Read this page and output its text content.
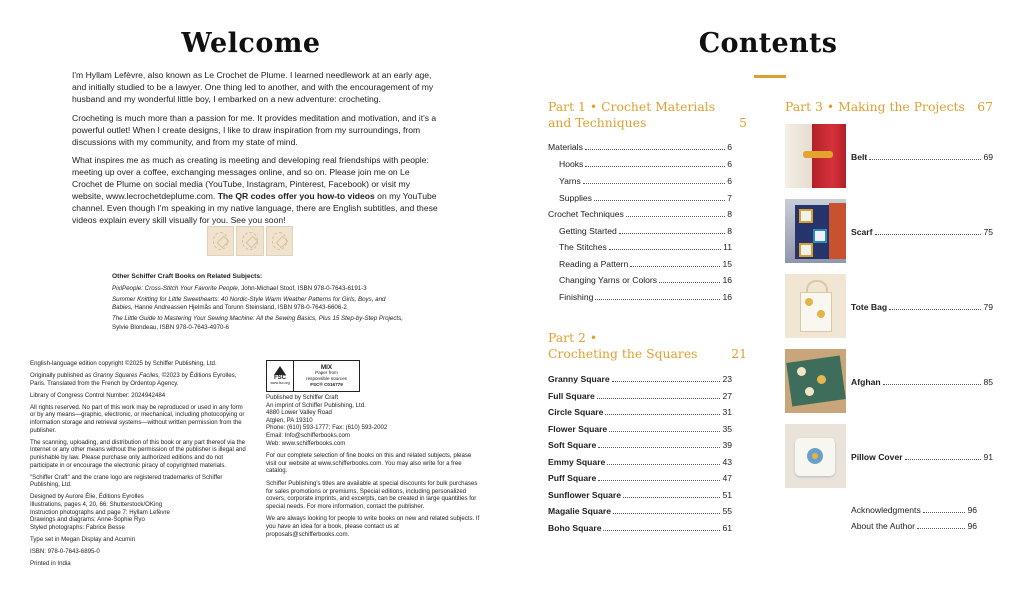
Welcome

I'm Hyllam Lefèvre, also known as Le Crochet de Plume. I learned needlework at an early age, and initially studied to be a lawyer. One thing led to another, and with the encouragement of my husband and my wonderful little boy, I embarked on a new adventure: crocheting.

Crocheting is much more than a passion for me. It provides meditation and motivation, and it's a powerful outlet! When I create designs, I like to draw inspiration from my surroundings, from discussions with my community, and from my state of mind.

What inspires me as much as creating is meeting and developing real friendships with people: meeting up over a coffee, exchanging messages online, and so on. Please join me on Le Crochet de Plume on social media (YouTube, Instagram, Pinterest, Facebook) or visit my website, www.lecrochetdeplume.com. The QR codes offer you how-to videos on my YouTube channel. Even though I'm speaking in my native language, there are English subtitles, and these videos explain every skill visually for you. See you soon!

Other Schiffer Craft Books on Related Subjects:
PixlPeople: Cross-Stitch Your Favorite People, John-Michael Stoof, ISBN 978-0-7643-6191-3
Summer Knitting for Little Sweethearts: 40 Nordic-Style Warm Weather Patterns for Girls, Boys, and Babies, Hanne Andreassen Hjelmås and Torunn Steinsland, ISBN 978-0-7643-6606-2
The Little Guide to Mastering Your Sewing Machine: All the Sewing Basics, Plus 15 Step-by-Step Projects, Sylvie Blondeau, ISBN 978-0-7643-4970-6

English-language edition copyright ©2025 by Schiffer Publishing, Ltd.

Originally published as Granny Squares Faciles, ©2023 by Éditions Eyrolles, Paris. Translated from the French by Ordentop Agency.

Library of Congress Control Number: 2024942484

All rights reserved. No part of this work may be reproduced or used in any form or by any means—graphic, electronic, or mechanical, including photocopying or information storage and retrieval systems—without written permission from the publisher.

The scanning, uploading, and distribution of this book or any part thereof via the Internet or any other means without the permission of the publisher is illegal and punishable by law. Please purchase only authorized editions and do not participate in or encourage the electronic piracy of copyrighted materials.

"Schiffer Craft" and the crane logo are registered trademarks of Schiffer Publishing, Ltd.

Designed by Aurore Élie, Éditions Eyrolles
Illustrations, pages 4, 20, 66: Shutterstock/OKing
Instruction photographs and page 7: Hyllam Lefèvre
Drawings and diagrams: Anne-Sophie Ryo
Styled photographs: Fabrice Besse

Type set in Megan Display and Acumin

ISBN: 978-0-7643-6895-0

Printed in India

FSC
www.fsc.org
MIX
Paper from
responsible sources
FSC® C016779

Published by Schiffer Craft
An imprint of Schiffer Publishing, Ltd.
4880 Lower Valley Road
Atglen, PA 19310
Phone: (610) 593-1777; Fax: (610) 593-2002
Email: Info@schifferbooks.com
Web: www.schifferbooks.com

For our complete selection of fine books on this and related subjects, please visit our website at www.schifferbooks.com. You may also write for a free catalog.

Schiffer Publishing's titles are available at special discounts for bulk purchases for sales promotions or premiums. Special editions, including personalized covers, corporate imprints, and excerpts, can be created in large quantities for special needs. For more information, contact the publisher.

We are always looking for people to write books on new and related subjects. If you have an idea for a book, please contact us at proposals@schifferbooks.com.

Contents
Part 1 • Crochet Materials
and Techniques	5
Materials	6
Hooks	6
Yarns	6
Supplies	7
Crochet Techniques	8
Getting Started	8
The Stitches	11
Reading a Pattern	15
Changing Yarns or Colors	16
Finishing	16
Part 2 •
Crocheting the Squares	21
Granny Square	23
Full Square	27
Circle Square	31
Flower Square	35
Soft Square	39
Emmy Square	43
Puff Square	47
Sunflower Square	51
Magalie Square	55
Boho Square	61
Part 3 • Making the Projects 67
Belt	69
Scarf	75
Tote Bag	79
Afghan	85
Pillow Cover	91
Acknowledgments	96
About the Author	96
